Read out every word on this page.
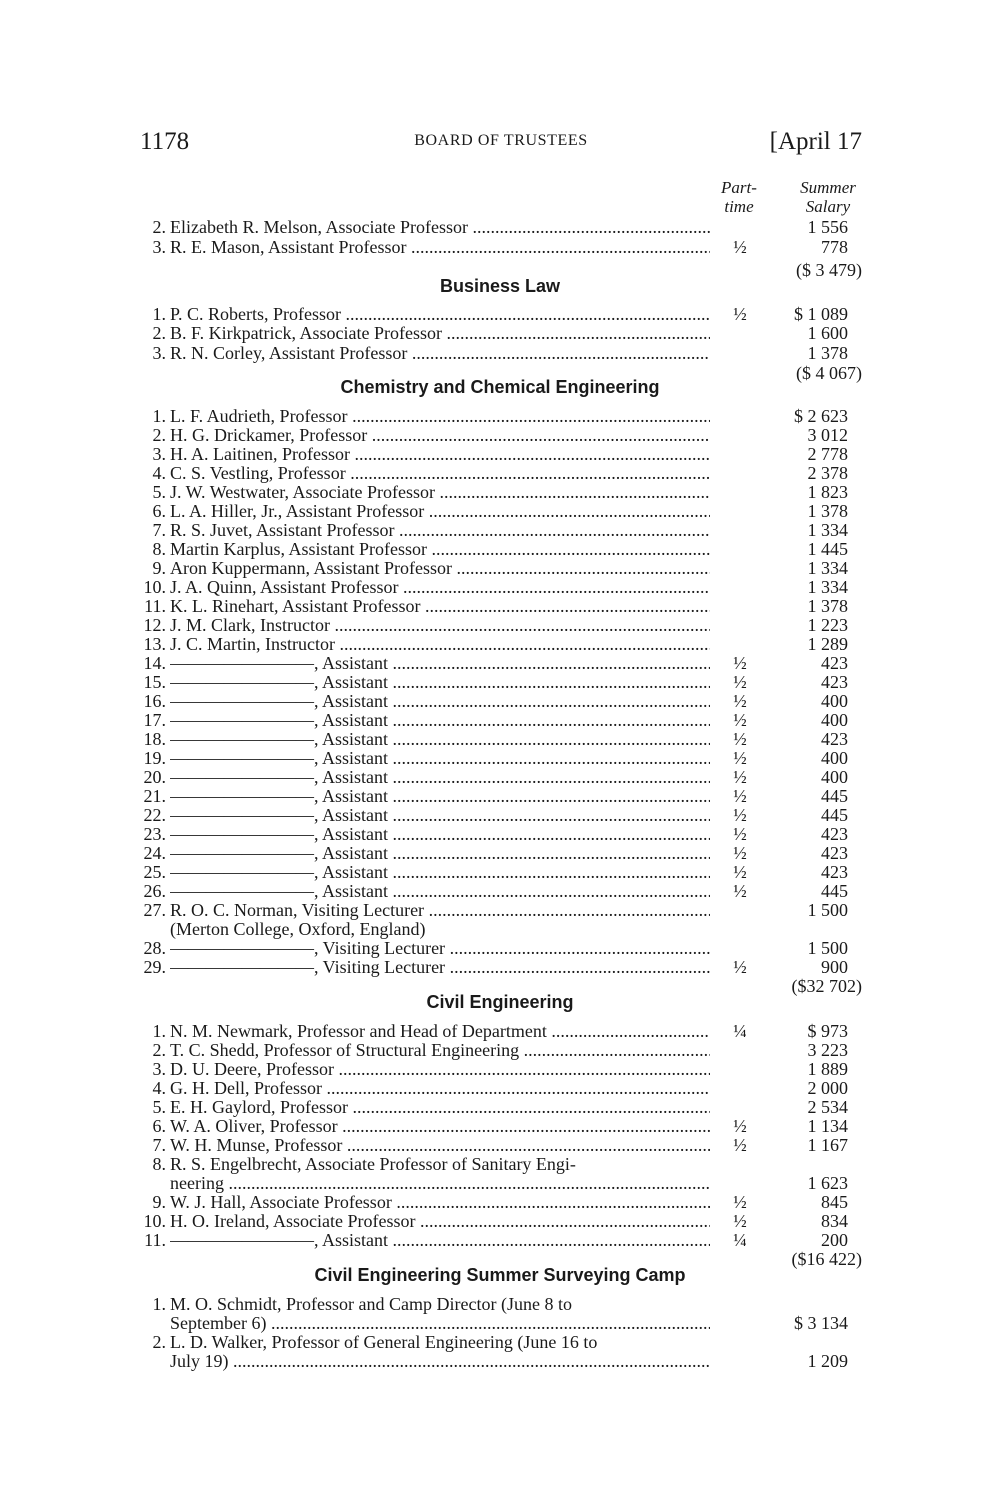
1178	BOARD OF TRUSTEES	[April 17
Part-
time
Summer
Salary
2. Elizabeth R. Melson, Associate Professor .....	1 556
3. R. E. Mason, Assistant Professor .....	½	778
($ 3 479)
Business Law
1. P. C. Roberts, Professor .....	½	$ 1 089
2. B. F. Kirkpatrick, Associate Professor .....	1 600
3. R. N. Corley, Assistant Professor .....	1 378
($ 4 067)
Chemistry and Chemical Engineering
1. L. F. Audrieth, Professor .....	$ 2 623
2. H. G. Drickamer, Professor .....	3 012
3. H. A. Laitinen, Professor .....	2 778
4. C. S. Vestling, Professor .....	2 378
5. J. W. Westwater, Associate Professor .....	1 823
6. L. A. Hiller, Jr., Assistant Professor .....	1 378
7. R. S. Juvet, Assistant Professor .....	1 334
8. Martin Karplus, Assistant Professor .....	1 445
9. Aron Kuppermann, Assistant Professor .....	1 334
10. J. A. Quinn, Assistant Professor .....	1 334
11. K. L. Rinehart, Assistant Professor .....	1 378
12. J. M. Clark, Instructor .....	1 223
13. J. C. Martin, Instructor .....	1 289
14. ————————, Assistant .....	½	423
15. ————————, Assistant .....	½	423
16. ————————, Assistant .....	½	400
17. ————————, Assistant .....	½	400
18. ————————, Assistant .....	½	423
19. ————————, Assistant .....	½	400
20. ————————, Assistant .....	½	400
21. ————————, Assistant .....	½	445
22. ————————, Assistant .....	½	445
23. ————————, Assistant .....	½	423
24. ————————, Assistant .....	½	423
25. ————————, Assistant .....	½	423
26. ————————, Assistant .....	½	445
27. R. O. C. Norman, Visiting Lecturer .....	1 500
(Merton College, Oxford, England)
28. ————————, Visiting Lecturer .....	1 500
29. ————————, Visiting Lecturer .....	½	900
($32 702)
Civil Engineering
1. N. M. Newmark, Professor and Head of Department .....	¼	$ 973
2. T. C. Shedd, Professor of Structural Engineering .....	3 223
3. D. U. Deere, Professor .....	1 889
4. G. H. Dell, Professor .....	2 000
5. E. H. Gaylord, Professor .....	2 534
6. W. A. Oliver, Professor .....	½	1 134
7. W. H. Munse, Professor .....	½	1 167
8. R. S. Engelbrecht, Associate Professor of Sanitary Engi-
neering .....	1 623
9. W. J. Hall, Associate Professor .....	½	845
10. H. O. Ireland, Associate Professor .....	½	834
11. ————————, Assistant .....	¼	200
($16 422)
Civil Engineering Summer Surveying Camp
1. M. O. Schmidt, Professor and Camp Director (June 8 to
September 6) .....	$ 3 134
2. L. D. Walker, Professor of General Engineering (June 16 to
July 19) .....	1 209
